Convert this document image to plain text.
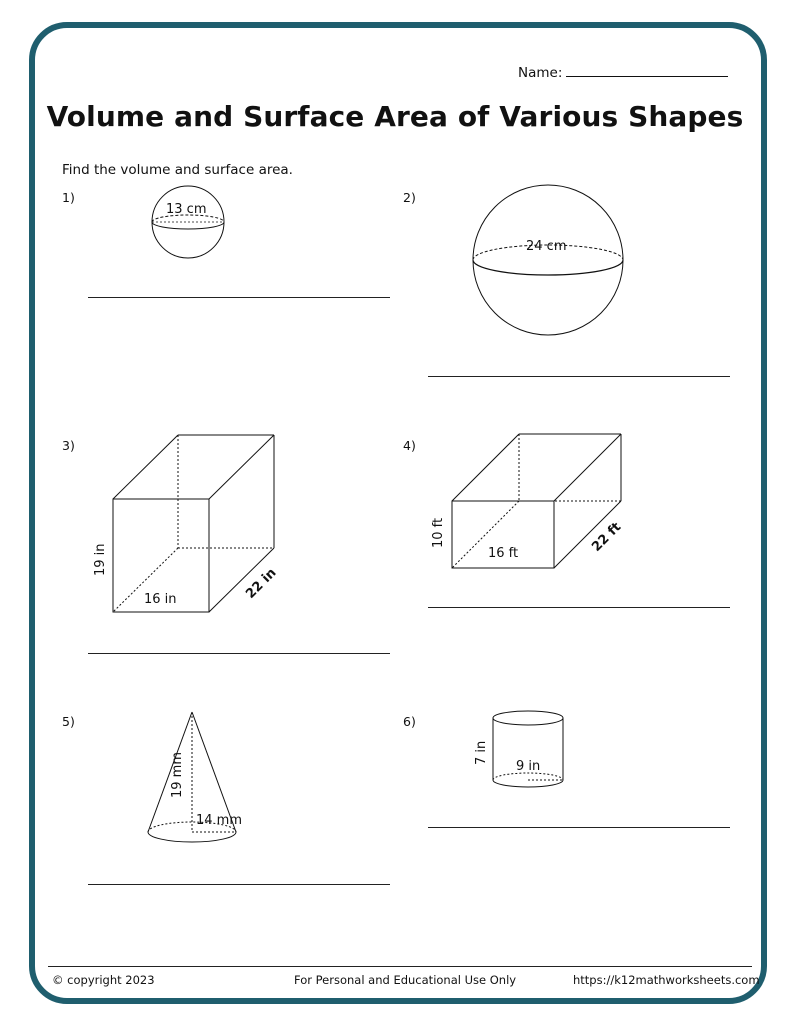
Name:
Volume and Surface Area of Various Shapes
Find the volume and surface area.
1)
13 cm
2)
24 cm
3)
19 in
16 in	22 in
4)
10 ft
16 ft	22 ft
5)
19 mm
14 mm
6)
7 in
9 in
© copyright 2023	For Personal and Educational Use Only	https://k12mathworksheets.com
